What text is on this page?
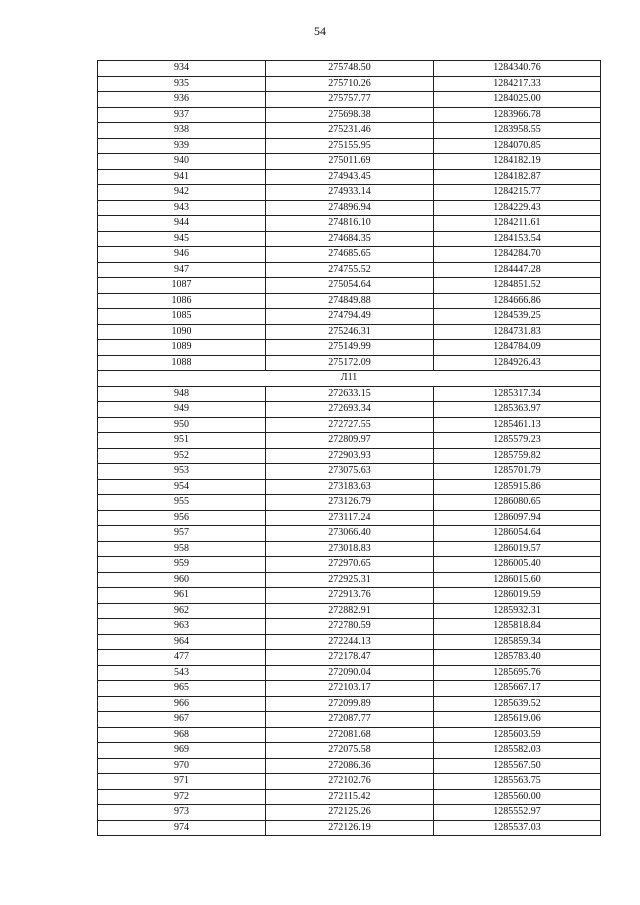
54
934	275748.50	1284340.76
935	275710.26	1284217.33
936	275757.77	1284025.00
937	275698.38	1283966.78
938	275231.46	1283958.55
939	275155.95	1284070.85
940	275011.69	1284182.19
941	274943.45	1284182.87
942	274933.14	1284215.77
943	274896.94	1284229.43
944	274816.10	1284211.61
945	274684.35	1284153.54
946	274685.65	1284284.70
947	274755.52	1284447.28
1087	275054.64	1284851.52
1086	274849.88	1284666.86
1085	274794.49	1284539.25
1090	275246.31	1284731.83
1089	275149.99	1284784.09
1088	275172.09	1284926.43
Л11		
948	272633.15	1285317.34
949	272693.34	1285363.97
950	272727.55	1285461.13
951	272809.97	1285579.23
952	272903.93	1285759.82
953	273075.63	1285701.79
954	273183.63	1285915.86
955	273126.79	1286080.65
956	273117.24	1286097.94
957	273066.40	1286054.64
958	273018.83	1286019.57
959	272970.65	1286005.40
960	272925.31	1286015.60
961	272913.76	1286019.59
962	272882.91	1285932.31
963	272780.59	1285818.84
964	272244.13	1285859.34
477	272178.47	1285783.40
543	272090.04	1285695.76
965	272103.17	1285667.17
966	272099.89	1285639.52
967	272087.77	1285619.06
968	272081.68	1285603.59
969	272075.58	1285582.03
970	272086.36	1285567.50
971	272102.76	1285563.75
972	272115.42	1285560.00
973	272125.26	1285552.97
974	272126.19	1285537.03
